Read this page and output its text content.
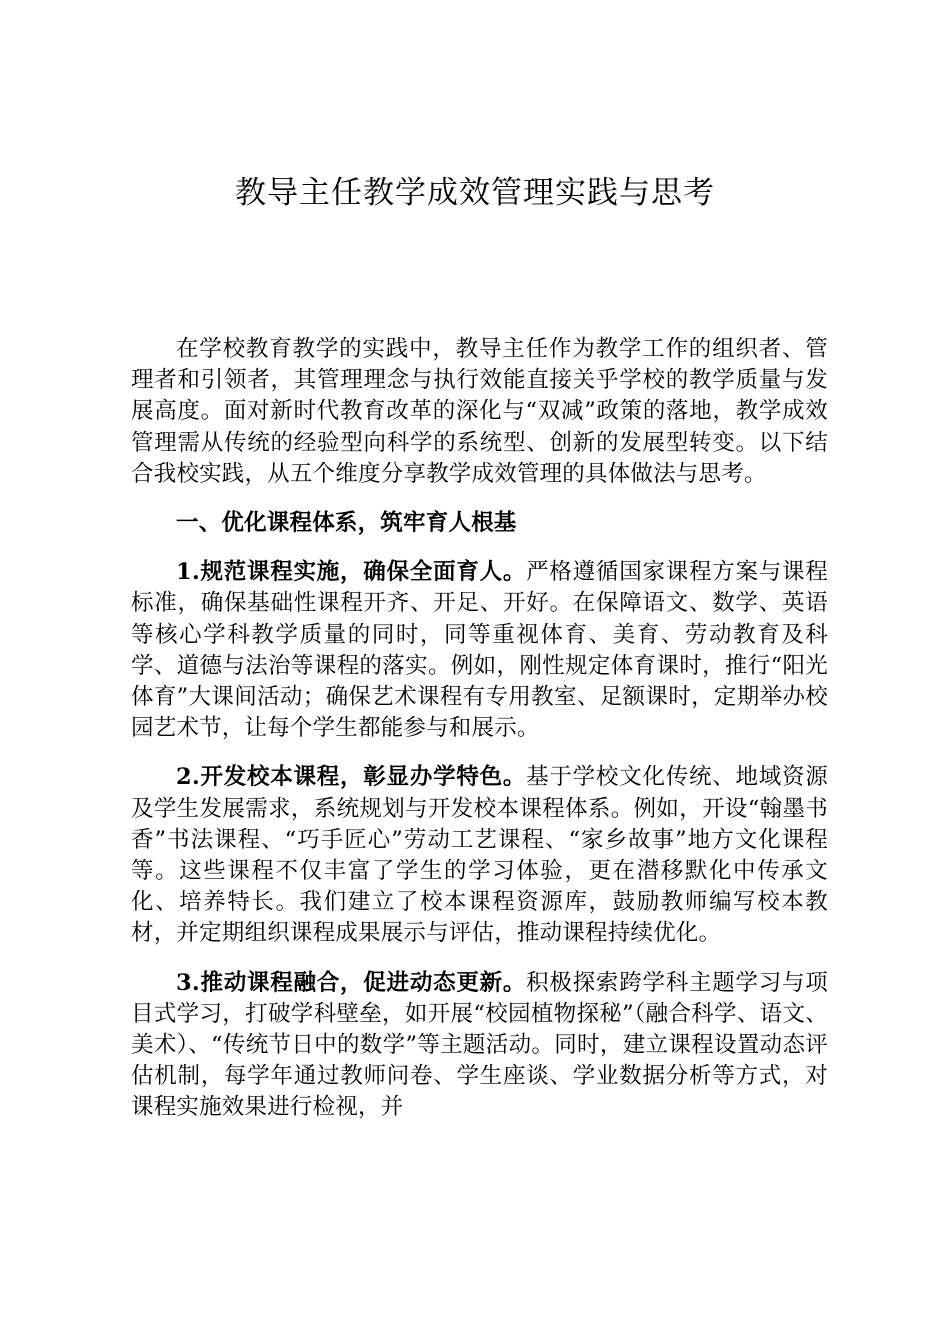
教导主任教学成效管理实践与思考

在学校教育教学的实践中，教导主任作为教学工作的组织者、管理者和引领者，其管理理念与执行效能直接关乎学校的教学质量与发展高度。面对新时代教育改革的深化与“双减”政策的落地，教学成效管理需从传统的经验型向科学的系统型、创新的发展型转变。以下结合我校实践，从五个维度分享教学成效管理的具体做法与思考。

一、优化课程体系，筑牢育人根基

1.规范课程实施，确保全面育人。严格遵循国家课程方案与课程标准，确保基础性课程开齐、开足、开好。在保障语文、数学、英语等核心学科教学质量的同时，同等重视体育、美育、劳动教育及科学、道德与法治等课程的落实。例如，刚性规定体育课时，推行“阳光体育”大课间活动；确保艺术课程有专用教室、足额课时，定期举办校园艺术节，让每个学生都能参与和展示。

2.开发校本课程，彰显办学特色。基于学校文化传统、地域资源及学生发展需求，系统规划与开发校本课程体系。例如，开设“翰墨书香”书法课程、“巧手匠心”劳动工艺课程、“家乡故事”地方文化课程等。这些课程不仅丰富了学生的学习体验，更在潜移默化中传承文化、培养特长。我们建立了校本课程资源库，鼓励教师编写校本教材，并定期组织课程成果展示与评估，推动课程持续优化。

3.推动课程融合，促进动态更新。积极探索跨学科主题学习与项目式学习，打破学科壁垒，如开展“校园植物探秘”（融合科学、语文、美术）、“传统节日中的数学”等主题活动。同时，建立课程设置动态评估机制，每学年通过教师问卷、学生座谈、学业数据分析等方式，对课程实施效果进行检视，并
